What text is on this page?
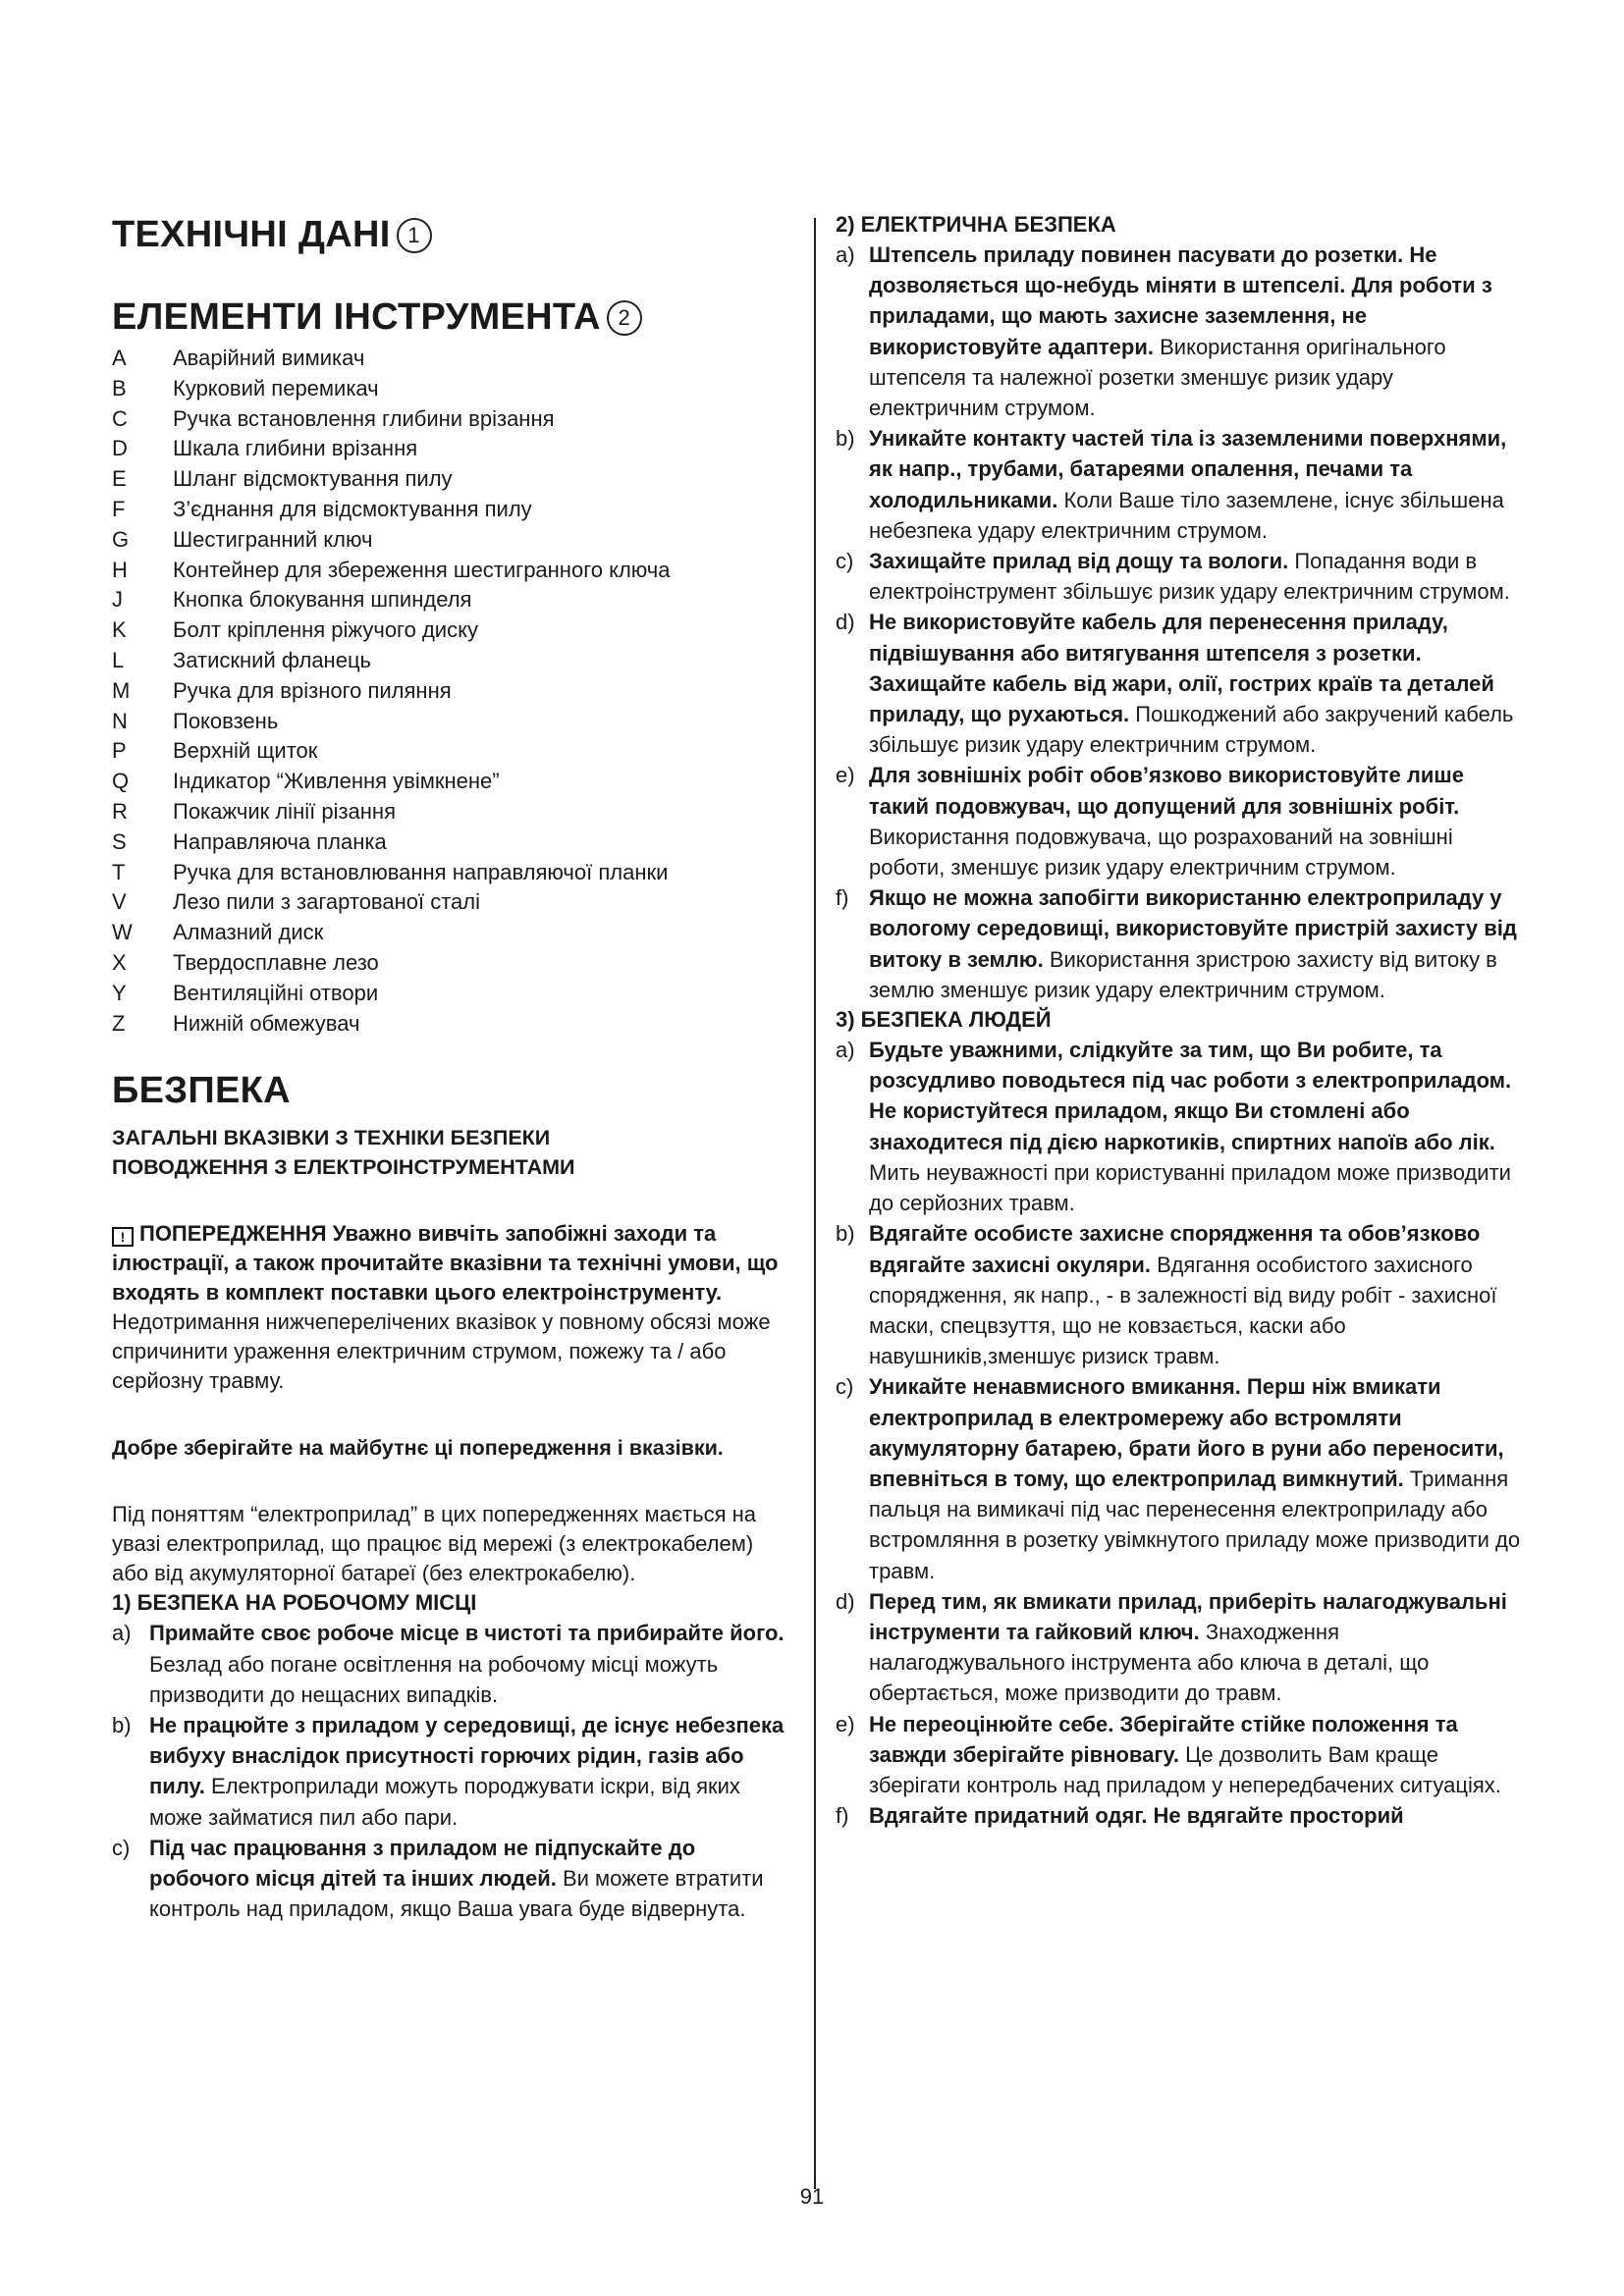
ТЕХНІЧНІ ДАНІ 1
ЕЛЕМЕНТИ ІНСТРУМЕНТА 2
A	Аварійний вимикач
B	Курковий перемикач
C	Ручка встановлення глибини врізання
D	Шкала глибини врізання
E	Шланг відсмоктування пилу
F	З’єднання для відсмоктування пилу
G	Шестигранний ключ
H	Контейнер для збереження шестигранного ключа
J	Кнопка блокування шпинделя
K	Болт кріплення ріжучого диску
L	Затискний фланець
M	Ручка для врізного пиляння
N	Поковзень
P	Верхній щиток
Q	Індикатор “Живлення увімкнене”
R	Покажчик лінії різання
S	Направляюча планка
T	Ручка для встановлювання направляючої планки
V	Лезо пили з загартованої сталі
W	Алмазний диск
X	Твердосплавне лезо
Y	Вентиляційні отвори
Z	Нижній обмежувач
БЕЗПЕКА

ЗАГАЛЬНІ ВКАЗІВКИ З ТЕХНІКИ БЕЗПЕКИ ПОВОДЖЕННЯ З ЕЛЕКТРОІНСТРУМЕНТАМИ

! ПОПЕРЕДЖЕННЯ Уважно вивчіть запобіжні заходи та ілюстрації, а також прочитайте вказівни та технічні умови, що входять в комплект поставки цього електроінструменту. Недотримання нижчеперелічених вказівок у повному обсязі може спричинити ураження електричним струмом, пожежу та / або серйозну травму.

Добре зберігайте на майбутнє ці попередження і вказівки.

Під поняттям “електроприлад” в цих попередженнях мається на увазі електроприлад, що працює від мережі (з електрокабелем) або від акумуляторної батареї (без електрокабелю).

1) БЕЗПЕКА НА РОБОЧОМУ МІСЦІ

a) Примайте своє робоче місце в чистоті та прибирайте його. Безлад або погане освітлення на робочому місці можуть призводити до нещасних випадків.
b) Не працюйте з приладом у середовищі, де існує небезпека вибуху внаслідок присутності горючих рідин, газів або пилу. Електроприлади можуть породжувати іскри, від яких може займатися пил або пари.
c) Під час працювання з приладом не підпускайте до робочого місця дітей та інших людей. Ви можете втратити контроль над приладом, якщо Ваша увага буде відвернута.

2) ЕЛЕКТРИЧНА БЕЗПЕКА

a) Штепсель приладу повинен пасувати до розетки. Не дозволяється що-небудь міняти в штепселі. Для роботи з приладами, що мають захисне заземлення, не використовуйте адаптери. Використання оригінального штепселя та належної розетки зменшує ризик удару електричним струмом.
b) Уникайте контакту частей тіла із заземленими поверхнями, як напр., трубами, батареями опалення, печами та холодильниками. Коли Ваше тіло заземлене, існує збільшена небезпека удару електричним струмом.
c) Захищайте прилад від дощу та вологи. Попадання води в електроінструмент збільшує ризик удару електричним струмом.
d) Не використовуйте кабель для перенесення приладу, підвішування або витягування штепселя з розетки. Захищайте кабель від жари, олії, гострих країв та деталей приладу, що рухаються. Пошкоджений або закручений кабель збільшує ризик удару електричним струмом.
e) Для зовнішніх робіт обов’язково використовуйте лише такий подовжувач, що допущений для зовнішніх робіт. Використання подовжувача, що розрахований на зовнішні роботи, зменшує ризик удару електричним струмом.
f) Якщо не можна запобігти використанню електроприладу у вологому середовищі, використовуйте пристрій захисту від витоку в землю. Використання зристрою захисту від витоку в землю зменшує ризик удару електричним струмом.

3) БЕЗПЕКА ЛЮДЕЙ

a) Будьте уважними, слідкуйте за тим, що Ви робите, та розсудливо поводьтеся під час роботи з електроприладом. Не користуйтеся приладом, якщо Ви стомлені або знаходитеся під дією наркотиків, спиртних напоїв або лік. Мить неуважності при користуванні приладом може призводити до серйозних травм.
b) Вдягайте особисте захисне спорядження та обов’язково вдягайте захисні окуляри. Вдягання особистого захисного спорядження, як напр., - в залежності від виду робіт - захисної маски, спецвзуття, що не ковзається, каски або навушників,зменшує ризиск травм.
c) Уникайте ненавмисного вмикання. Перш ніж вмикати електроприлад в електромережу або встромляти акумуляторну батарею, брати його в руни або переносити, впевніться в тому, що електроприлад вимкнутий. Тримання пальця на вимикачі під час перенесення електроприладу або встромляння в розетку увімкнутого приладу може призводити до травм.
d) Перед тим, як вмикати прилад, приберіть налагоджувальні інструменти та гайковий ключ. Знаходження налагоджувального інструмента або ключа в деталі, що обертається, може призводити до травм.
e) Не переоцінюйте себе. Зберігайте стійке положення та завжди зберігайте рівновагу. Це дозволить Вам краще зберігати контроль над приладом у непередбачених ситуаціях.
f) Вдягайте придатний одяг. Не вдягайте просторий
91
